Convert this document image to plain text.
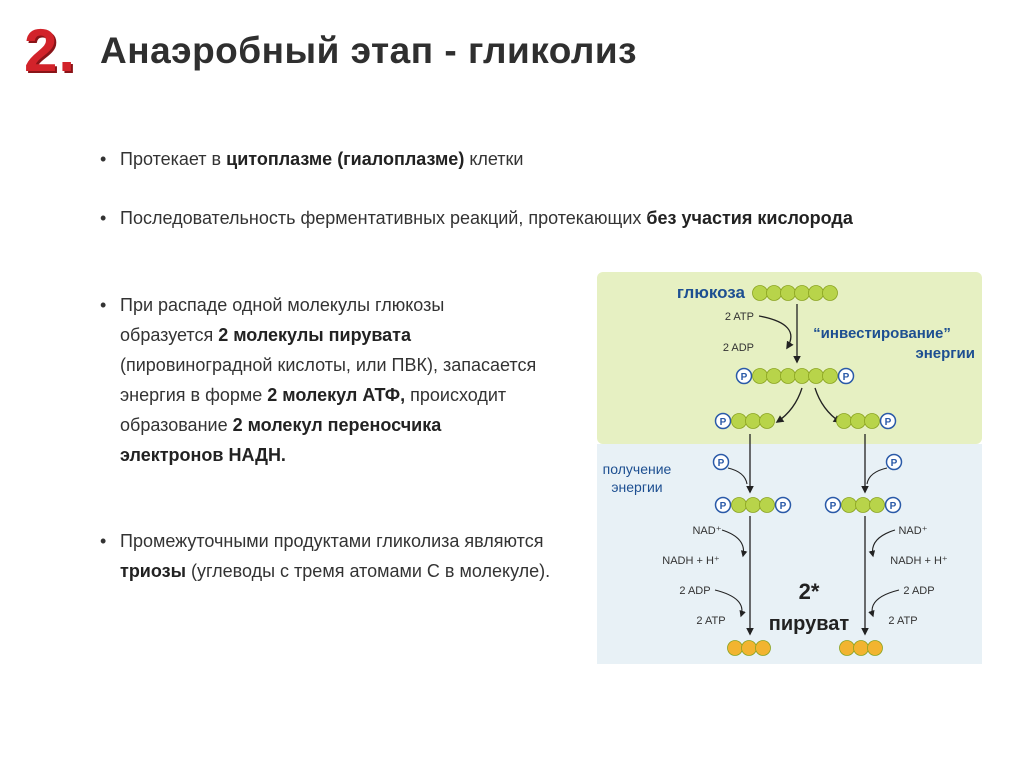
2. Анаэробный этап - гликолиз
• Протекает в цитоплазме (гиалоплазме) клетки
• Последовательность ферментативных реакций, протекающих без участия кислорода
• При распаде одной молекулы глюкозы образуется 2 молекулы пирувата (пировиноградной кислоты, или ПВК), запасается энергия в форме 2 молекул АТФ, происходит образование 2 молекул переносчика электронов НАДН.
• Промежуточными продуктами гликолиза являются триозы (углеводы с тремя атомами С в молекуле).
глюкоза
2 ATP
2 ADP
“инвестирование”
энергии
P	P
P	P
получение
энергии
P	P
P	P	P	P
NAD⁺
NADH + H⁺
NAD⁺
NADH + H⁺
2 ADP
2 ATP
2 ADP
2 ATP
2*
пируват
